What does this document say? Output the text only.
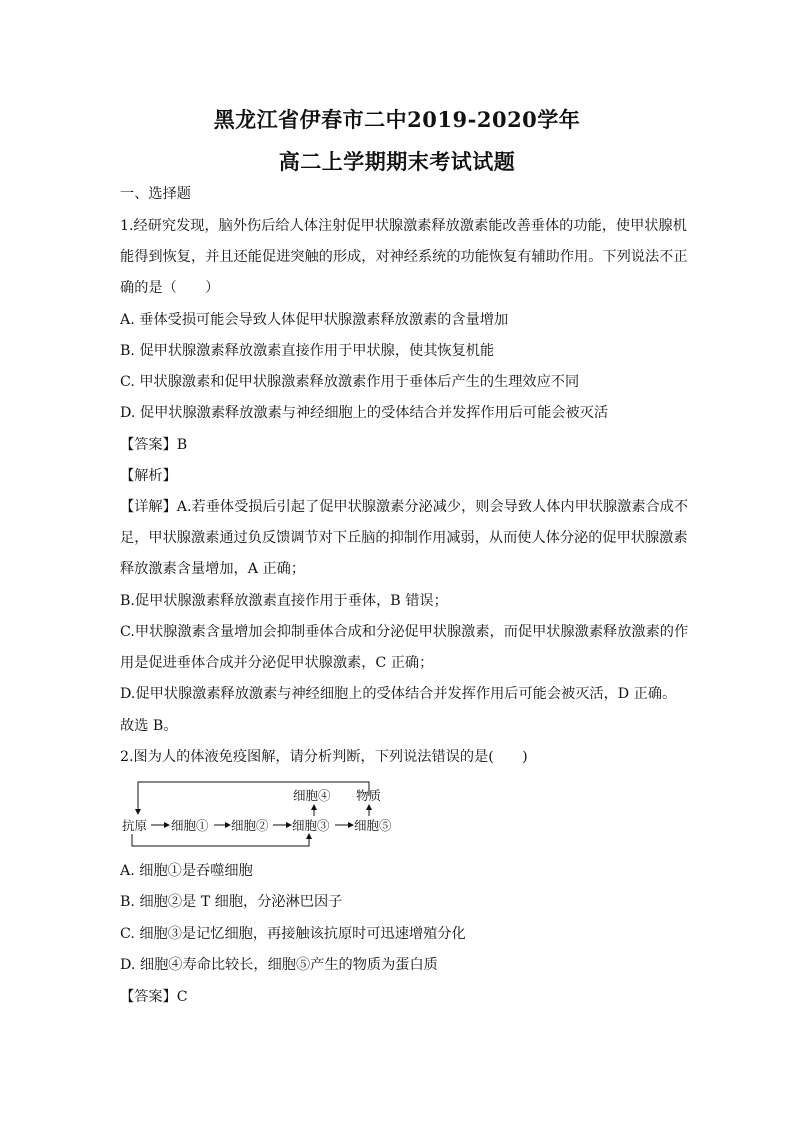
黑龙江省伊春市二中2019-2020学年
高二上学期期末考试试题
一、选择题
1.经研究发现，脑外伤后给人体注射促甲状腺激素释放激素能改善垂体的功能，使甲状腺机
能得到恢复，并且还能促进突触的形成，对神经系统的功能恢复有辅助作用。下列说法不正
确的是（　　）
A. 垂体受损可能会导致人体促甲状腺激素释放激素的含量增加
B. 促甲状腺激素释放激素直接作用于甲状腺，使其恢复机能
C. 甲状腺激素和促甲状腺激素释放激素作用于垂体后产生的生理效应不同
D. 促甲状腺激素释放激素与神经细胞上的受体结合并发挥作用后可能会被灭活
【答案】B
【解析】
【详解】A.若垂体受损后引起了促甲状腺激素分泌减少，则会导致人体内甲状腺激素合成不
足，甲状腺激素通过负反馈调节对下丘脑的抑制作用减弱，从而使人体分泌的促甲状腺激素
释放激素含量增加，A 正确；
B.促甲状腺激素释放激素直接作用于垂体，B 错误；
C.甲状腺激素含量增加会抑制垂体合成和分泌促甲状腺激素，而促甲状腺激素释放激素的作
用是促进垂体合成并分泌促甲状腺激素，C 正确；
D.促甲状腺激素释放激素与神经细胞上的受体结合并发挥作用后可能会被灭活，D 正确。
故选 B。
2.图为人的体液免疫图解，请分析判断，下列说法错误的是(　　)
抗原 细胞① 细胞② 细胞③ 细胞⑤
细胞④ 物质
A. 细胞①是吞噬细胞
B. 细胞②是 T 细胞，分泌淋巴因子
C. 细胞③是记忆细胞，再接触该抗原时可迅速增殖分化
D. 细胞④寿命比较长，细胞⑤产生的物质为蛋白质
【答案】C
